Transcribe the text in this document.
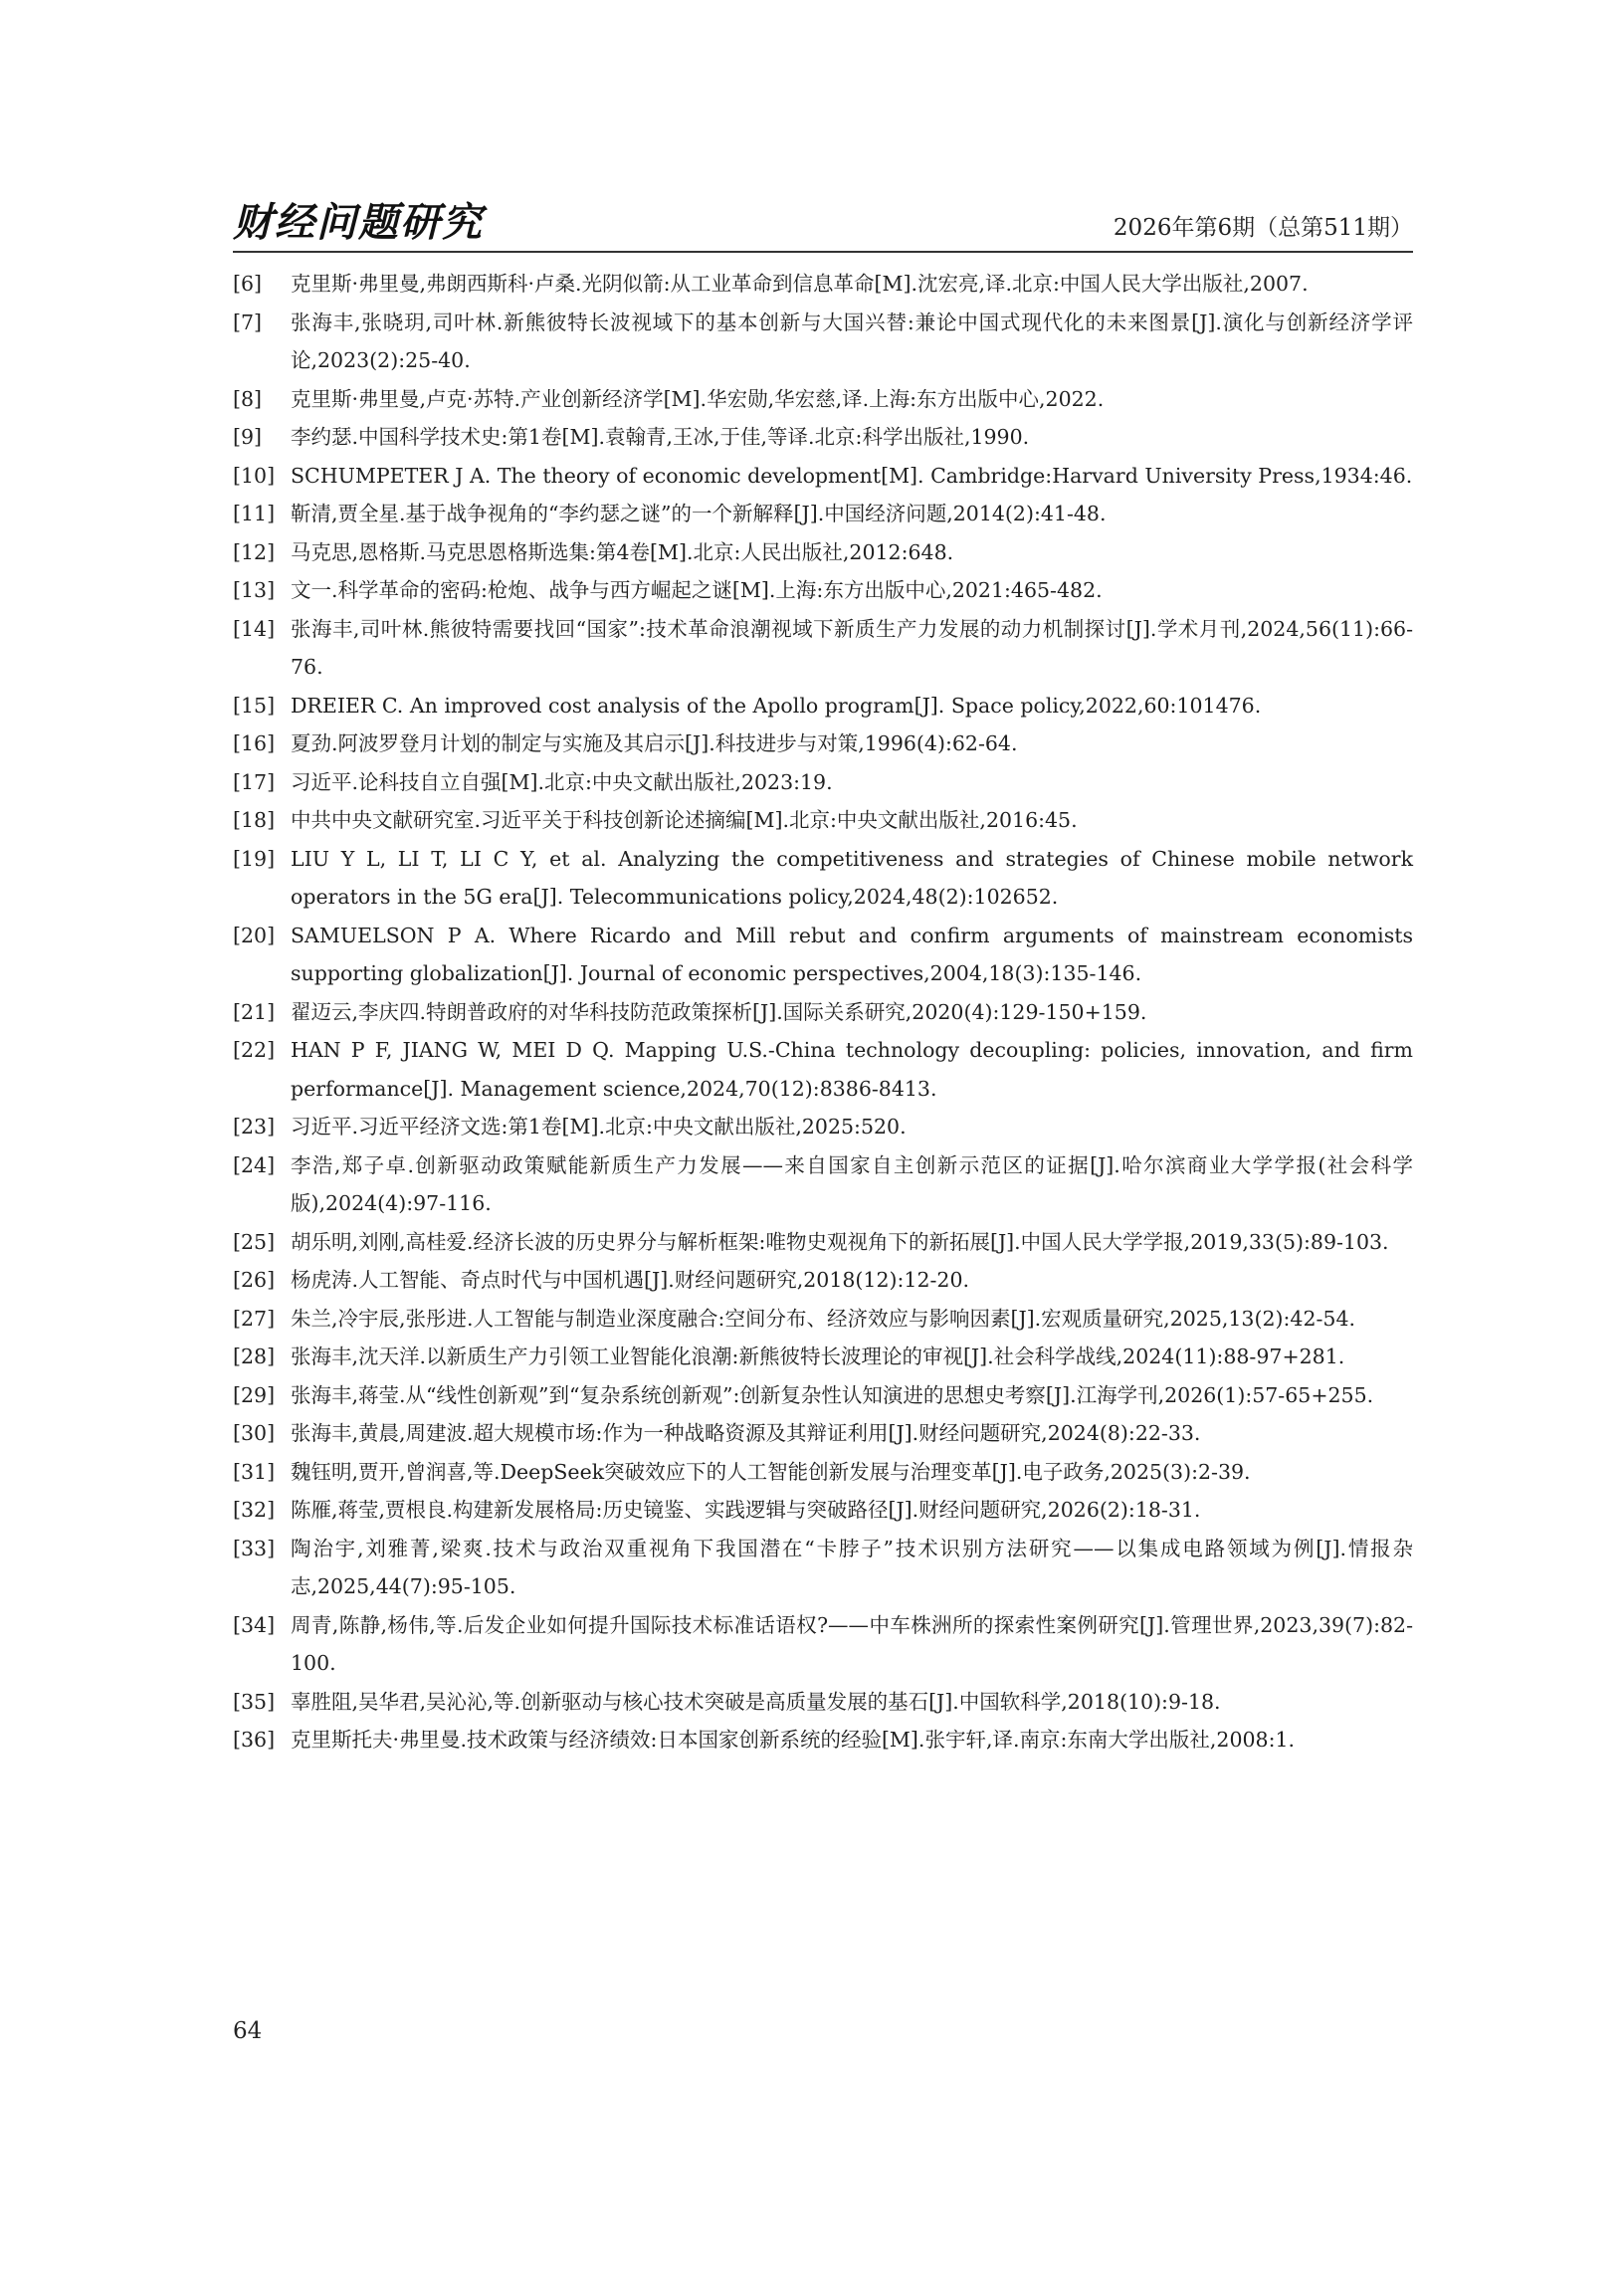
财经问题研究	2026年第6期（总第511期）
[6]	克里斯·弗里曼,弗朗西斯科·卢桑.光阴似箭:从工业革命到信息革命[M].沈宏亮,译.北京:中国人民大学出版社,2007.
[7]	张海丰,张晓玥,司叶林.新熊彼特长波视域下的基本创新与大国兴替:兼论中国式现代化的未来图景[J].演化与创新经济学评论,2023(2):25-40.
[8]	克里斯·弗里曼,卢克·苏特.产业创新经济学[M].华宏勋,华宏慈,译.上海:东方出版中心,2022.
[9]	李约瑟.中国科学技术史:第1卷[M].袁翰青,王冰,于佳,等译.北京:科学出版社,1990.
[10] SCHUMPETER J A. The theory of economic development[M]. Cambridge:Harvard University Press,1934:46.
[11] 靳清,贾全星.基于战争视角的“李约瑟之谜”的一个新解释[J].中国经济问题,2014(2):41-48.
[12] 马克思,恩格斯.马克思恩格斯选集:第4卷[M].北京:人民出版社,2012:648.
[13] 文一.科学革命的密码:枪炮、战争与西方崛起之谜[M].上海:东方出版中心,2021:465-482.
[14] 张海丰,司叶林.熊彼特需要找回“国家”:技术革命浪潮视域下新质生产力发展的动力机制探讨[J].学术月刊,2024,56(11):66-76.
[15] DREIER C. An improved cost analysis of the Apollo program[J]. Space policy,2022,60:101476.
[16] 夏劲.阿波罗登月计划的制定与实施及其启示[J].科技进步与对策,1996(4):62-64.
[17] 习近平.论科技自立自强[M].北京:中央文献出版社,2023:19.
[18] 中共中央文献研究室.习近平关于科技创新论述摘编[M].北京:中央文献出版社,2016:45.
[19] LIU Y L, LI T, LI C Y, et al. Analyzing the competitiveness and strategies of Chinese mobile network operators in the 5G era[J]. Telecommunications policy,2024,48(2):102652.
[20] SAMUELSON P A. Where Ricardo and Mill rebut and confirm arguments of mainstream economists supporting globalization[J]. Journal of economic perspectives,2004,18(3):135-146.
[21] 翟迈云,李庆四.特朗普政府的对华科技防范政策探析[J].国际关系研究,2020(4):129-150+159.
[22] HAN P F, JIANG W, MEI D Q. Mapping U.S.-China technology decoupling: policies, innovation, and firm performance[J]. Management science,2024,70(12):8386-8413.
[23] 习近平.习近平经济文选:第1卷[M].北京:中央文献出版社,2025:520.
[24] 李浩,郑子卓.创新驱动政策赋能新质生产力发展——来自国家自主创新示范区的证据[J].哈尔滨商业大学学报(社会科学版),2024(4):97-116.
[25] 胡乐明,刘刚,高桂爱.经济长波的历史界分与解析框架:唯物史观视角下的新拓展[J].中国人民大学学报,2019,33(5):89-103.
[26] 杨虎涛.人工智能、奇点时代与中国机遇[J].财经问题研究,2018(12):12-20.
[27] 朱兰,冷宇辰,张彤进.人工智能与制造业深度融合:空间分布、经济效应与影响因素[J].宏观质量研究,2025,13(2):42-54.
[28] 张海丰,沈天洋.以新质生产力引领工业智能化浪潮:新熊彼特长波理论的审视[J].社会科学战线,2024(11):88-97+281.
[29] 张海丰,蒋莹.从“线性创新观”到“复杂系统创新观”:创新复杂性认知演进的思想史考察[J].江海学刊,2026(1):57-65+255.
[30] 张海丰,黄晨,周建波.超大规模市场:作为一种战略资源及其辩证利用[J].财经问题研究,2024(8):22-33.
[31] 魏钰明,贾开,曾润喜,等.DeepSeek突破效应下的人工智能创新发展与治理变革[J].电子政务,2025(3):2-39.
[32] 陈雁,蒋莹,贾根良.构建新发展格局:历史镜鉴、实践逻辑与突破路径[J].财经问题研究,2026(2):18-31.
[33] 陶治宇,刘雅菁,梁爽.技术与政治双重视角下我国潜在“卡脖子”技术识别方法研究——以集成电路领域为例[J].情报杂志,2025,44(7):95-105.
[34] 周青,陈静,杨伟,等.后发企业如何提升国际技术标准话语权?——中车株洲所的探索性案例研究[J].管理世界,2023,39(7):82-100.
[35] 辜胜阻,吴华君,吴沁沁,等.创新驱动与核心技术突破是高质量发展的基石[J].中国软科学,2018(10):9-18.
[36] 克里斯托夫·弗里曼.技术政策与经济绩效:日本国家创新系统的经验[M].张宇轩,译.南京:东南大学出版社,2008:1.
64
